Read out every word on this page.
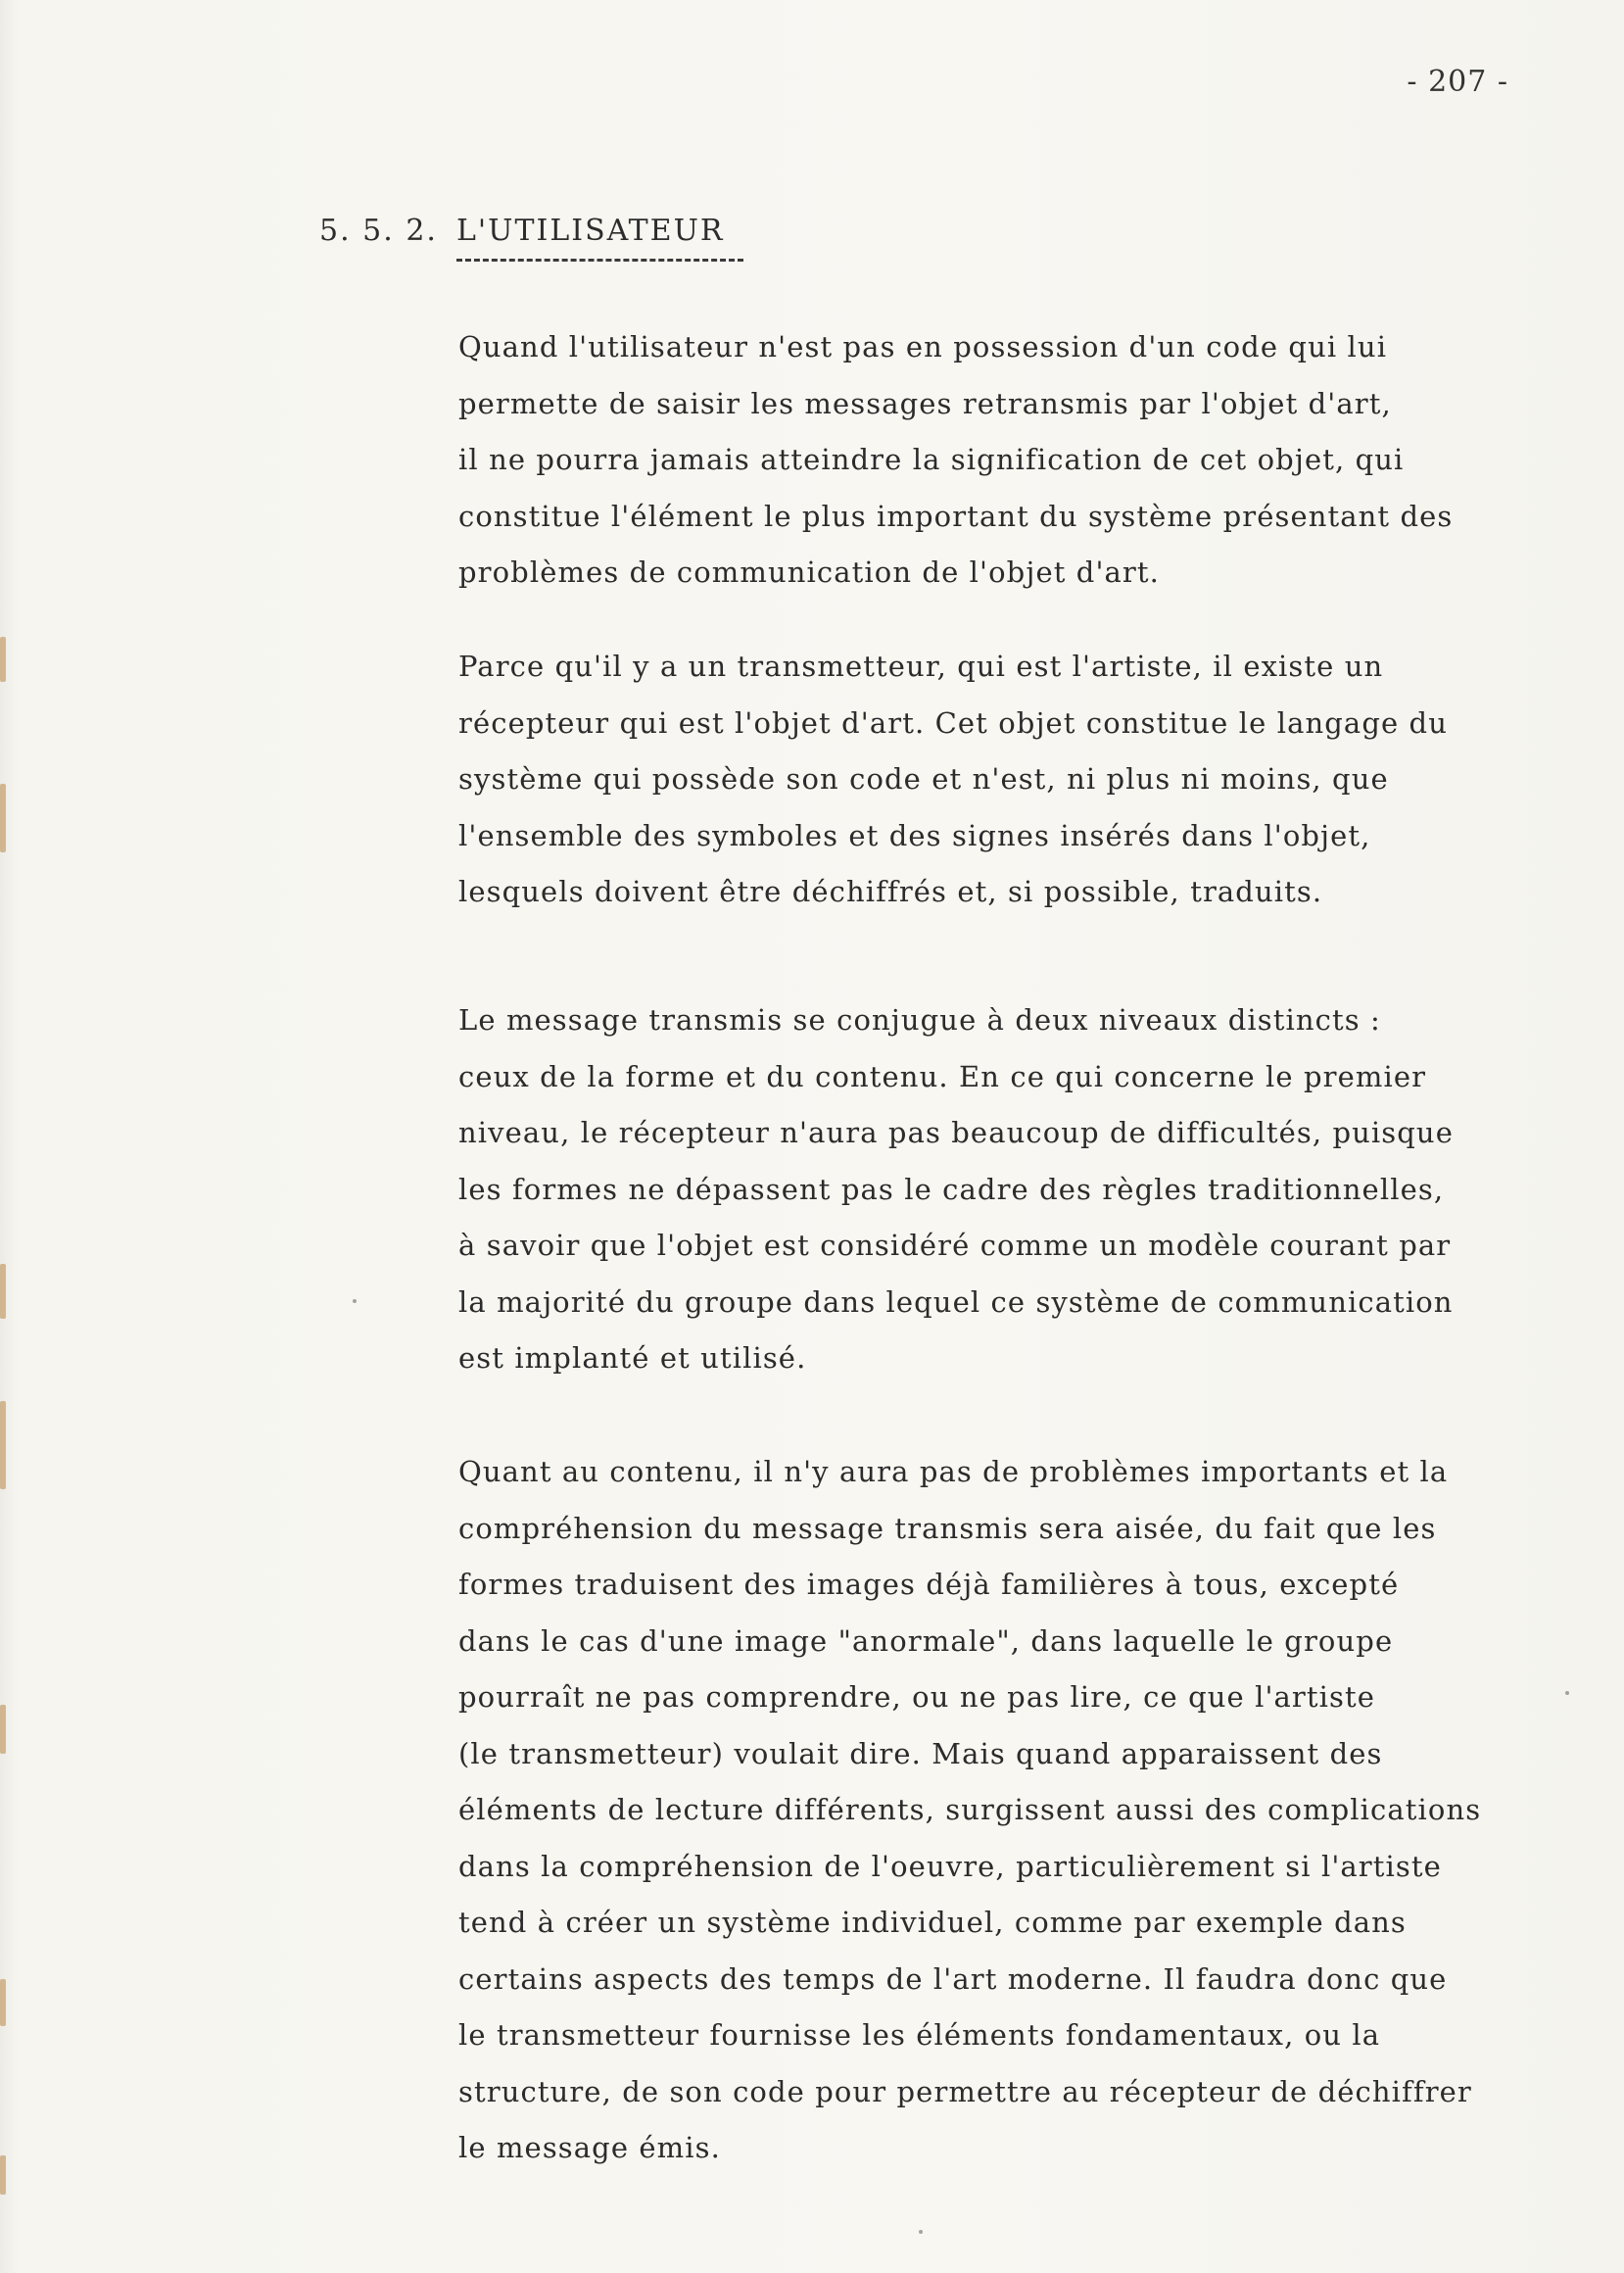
- 207 -
5. 5. 2. L'UTILISATEUR
Quand l'utilisateur n'est pas en possession d'un code qui lui
permette de saisir les messages retransmis par l'objet d'art,
il ne pourra jamais atteindre la signification de cet objet, qui
constitue l'élément le plus important du système présentant des
problèmes de communication de l'objet d'art.
Parce qu'il y a un transmetteur, qui est l'artiste, il existe un
récepteur qui est l'objet d'art. Cet objet constitue le langage du
système qui possède son code et n'est, ni plus ni moins, que
l'ensemble des symboles et des signes insérés dans l'objet,
lesquels doivent être déchiffrés et, si possible, traduits.
Le message transmis se conjugue à deux niveaux distincts :
ceux de la forme et du contenu. En ce qui concerne le premier
niveau, le récepteur n'aura pas beaucoup de difficultés, puisque
les formes ne dépassent pas le cadre des règles traditionnelles,
à savoir que l'objet est considéré comme un modèle courant par
la majorité du groupe dans lequel ce système de communication
est implanté et utilisé.
Quant au contenu, il n'y aura pas de problèmes importants et la
compréhension du message transmis sera aisée, du fait que les
formes traduisent des images déjà familières à tous, excepté
dans le cas d'une image "anormale", dans laquelle le groupe
pourraît ne pas comprendre, ou ne pas lire, ce que l'artiste
(le transmetteur) voulait dire. Mais quand apparaissent des
éléments de lecture différents, surgissent aussi des complications
dans la compréhension de l'oeuvre, particulièrement si l'artiste
tend à créer un système individuel, comme par exemple dans
certains aspects des temps de l'art moderne. Il faudra donc que
le transmetteur fournisse les éléments fondamentaux, ou la
structure, de son code pour permettre au récepteur de déchiffrer
le message émis.
